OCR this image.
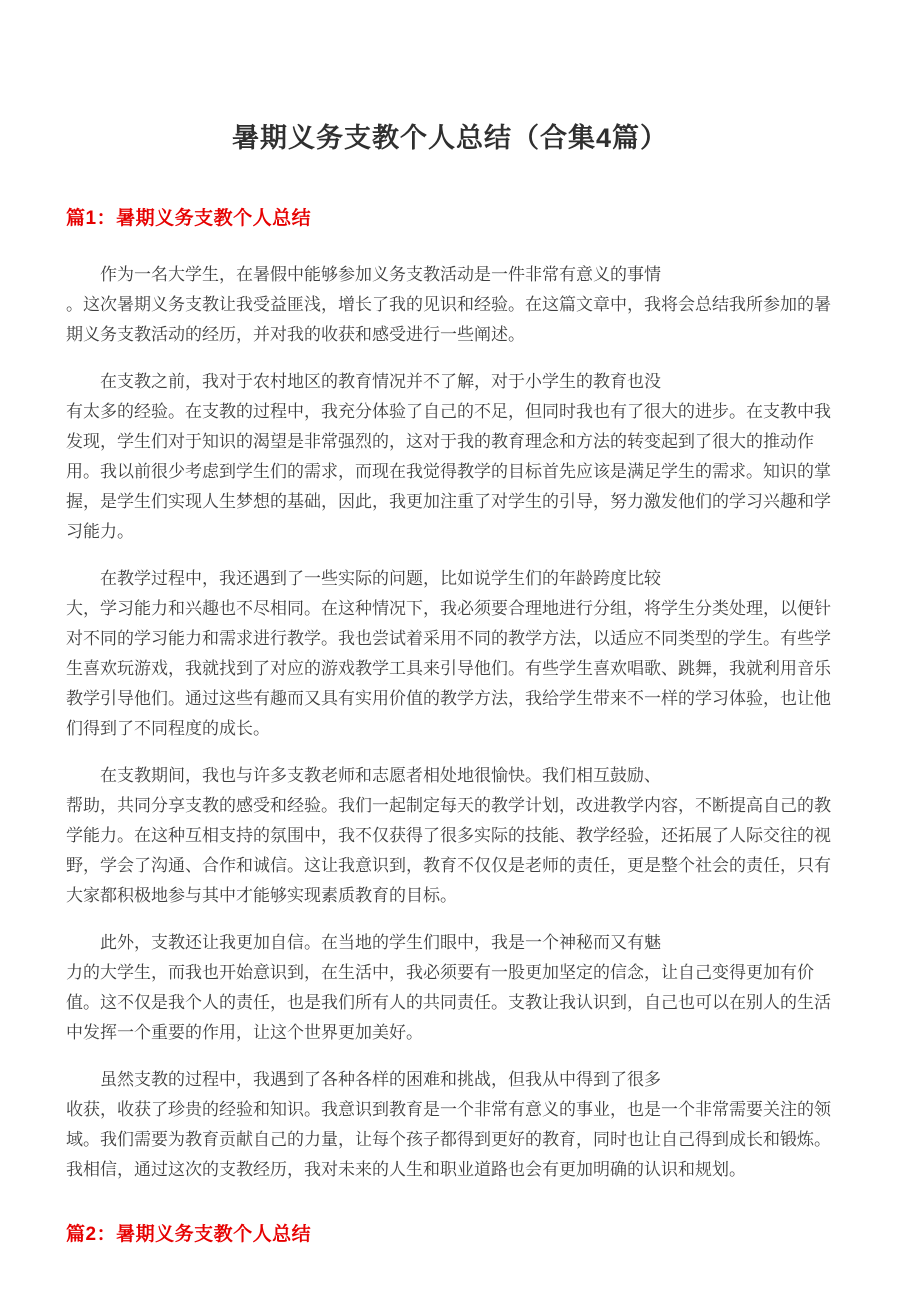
暑期义务支教个人总结（合集4篇）
篇1：暑期义务支教个人总结

作为一名大学生，在暑假中能够参加义务支教活动是一件非常有意义的事情
。这次暑期义务支教让我受益匪浅，增长了我的见识和经验。在这篇文章中，我将会总结我所参加的暑期义务支教活动的经历，并对我的收获和感受进行一些阐述。

在支教之前，我对于农村地区的教育情况并不了解，对于小学生的教育也没
有太多的经验。在支教的过程中，我充分体验了自己的不足，但同时我也有了很大的进步。在支教中我发现，学生们对于知识的渴望是非常强烈的，这对于我的教育理念和方法的转变起到了很大的推动作用。我以前很少考虑到学生们的需求，而现在我觉得教学的目标首先应该是满足学生的需求。知识的掌握，是学生们实现人生梦想的基础，因此，我更加注重了对学生的引导，努力激发他们的学习兴趣和学习能力。

在教学过程中，我还遇到了一些实际的问题，比如说学生们的年龄跨度比较
大，学习能力和兴趣也不尽相同。在这种情况下，我必须要合理地进行分组，将学生分类处理，以便针对不同的学习能力和需求进行教学。我也尝试着采用不同的教学方法，以适应不同类型的学生。有些学生喜欢玩游戏，我就找到了对应的游戏教学工具来引导他们。有些学生喜欢唱歌、跳舞，我就利用音乐教学引导他们。通过这些有趣而又具有实用价值的教学方法，我给学生带来不一样的学习体验，也让他们得到了不同程度的成长。

在支教期间，我也与许多支教老师和志愿者相处地很愉快。我们相互鼓励、
帮助，共同分享支教的感受和经验。我们一起制定每天的教学计划，改进教学内容，不断提高自己的教学能力。在这种互相支持的氛围中，我不仅获得了很多实际的技能、教学经验，还拓展了人际交往的视野，学会了沟通、合作和诚信。这让我意识到，教育不仅仅是老师的责任，更是整个社会的责任，只有大家都积极地参与其中才能够实现素质教育的目标。

此外，支教还让我更加自信。在当地的学生们眼中，我是一个神秘而又有魅
力的大学生，而我也开始意识到，在生活中，我必须要有一股更加坚定的信念，让自己变得更加有价值。这不仅是我个人的责任，也是我们所有人的共同责任。支教让我认识到，自己也可以在别人的生活中发挥一个重要的作用，让这个世界更加美好。

虽然支教的过程中，我遇到了各种各样的困难和挑战，但我从中得到了很多
收获，收获了珍贵的经验和知识。我意识到教育是一个非常有意义的事业，也是一个非常需要关注的领域。我们需要为教育贡献自己的力量，让每个孩子都得到更好的教育，同时也让自己得到成长和锻炼。我相信，通过这次的支教经历，我对未来的人生和职业道路也会有更加明确的认识和规划。

篇2：暑期义务支教个人总结
